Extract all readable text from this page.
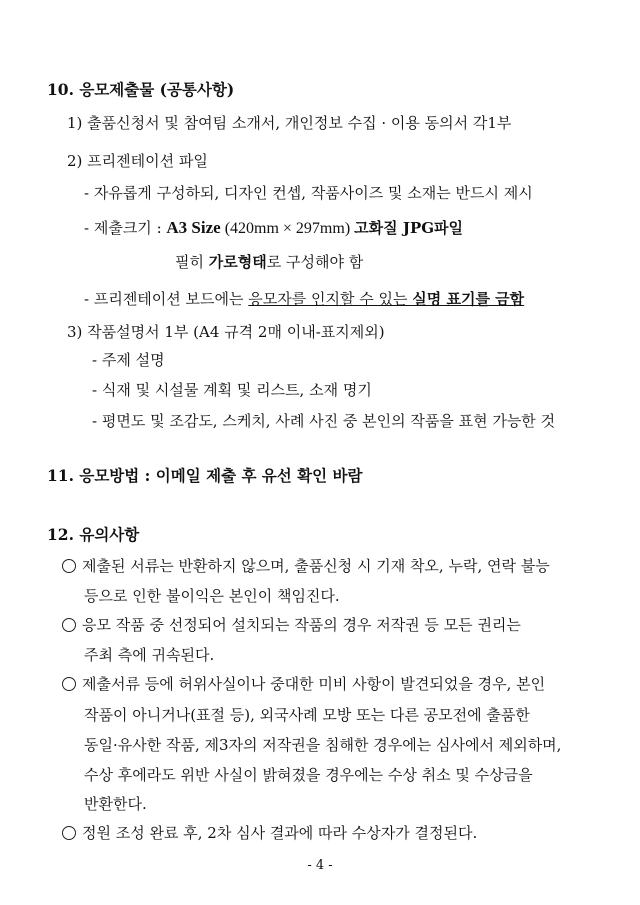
10. 응모제출물 (공통사항)
1) 출품신청서 및 참여팀 소개서, 개인정보 수집 · 이용 동의서 각1부
2) 프리젠테이션 파일
- 자유롭게 구성하되, 디자인 컨셉, 작품사이즈 및 소재는 반드시 제시
- 제출크기 : A3 Size (420mm × 297mm) 고화질 JPG파일
필히 가로형태로 구성해야 함
- 프리젠테이션 보드에는 응모자를 인지할 수 있는 실명 표기를 금함
3) 작품설명서 1부 (A4 규격 2매 이내-표지제외)
- 주제 설명
- 식재 및 시설물 계획 및 리스트, 소재 명기
- 평면도 및 조감도, 스케치, 사례 사진 중 본인의 작품을 표현 가능한 것
11. 응모방법 : 이메일 제출 후 유선 확인 바람
12. 유의사항
제출된 서류는 반환하지 않으며, 출품신청 시 기재 착오, 누락, 연락 불능
등으로 인한 불이익은 본인이 책임진다.
응모 작품 중 선정되어 설치되는 작품의 경우 저작권 등 모든 권리는
주최 측에 귀속된다.
제출서류 등에 허위사실이나 중대한 미비 사항이 발견되었을 경우, 본인
작품이 아니거나(표절 등), 외국사례 모방 또는 다른 공모전에 출품한
동일·유사한 작품, 제3자의 저작권을 침해한 경우에는 심사에서 제외하며,
수상 후에라도 위반 사실이 밝혀졌을 경우에는 수상 취소 및 수상금을
반환한다.
정원 조성 완료 후, 2차 심사 결과에 따라 수상자가 결정된다.
- 4 -
